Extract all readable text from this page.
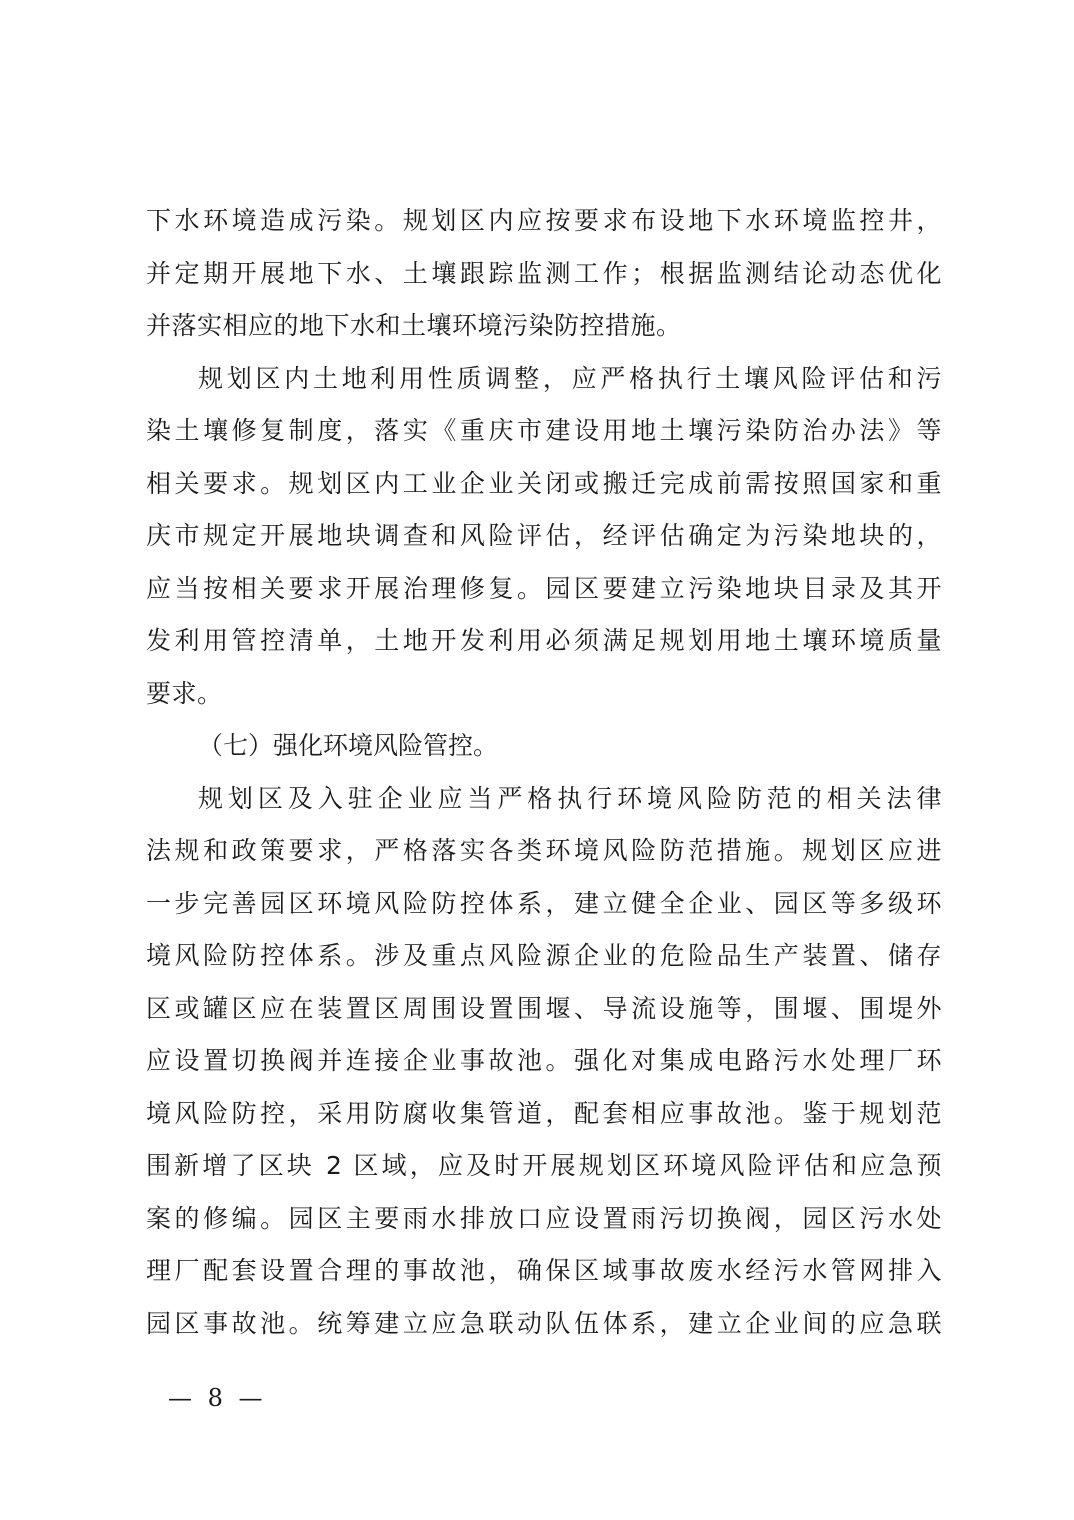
下水环境造成污染。规划区内应按要求布设地下水环境监控井，
并定期开展地下水、土壤跟踪监测工作；根据监测结论动态优化
并落实相应的地下水和土壤环境污染防控措施。
规划区内土地利用性质调整，应严格执行土壤风险评估和污
染土壤修复制度，落实《重庆市建设用地土壤污染防治办法》等
相关要求。规划区内工业企业关闭或搬迁完成前需按照国家和重
庆市规定开展地块调查和风险评估，经评估确定为污染地块的，
应当按相关要求开展治理修复。园区要建立污染地块目录及其开
发利用管控清单，土地开发利用必须满足规划用地土壤环境质量
要求。
（七）强化环境风险管控。
规划区及入驻企业应当严格执行环境风险防范的相关法律
法规和政策要求，严格落实各类环境风险防范措施。规划区应进
一步完善园区环境风险防控体系，建立健全企业、园区等多级环
境风险防控体系。涉及重点风险源企业的危险品生产装置、储存
区或罐区应在装置区周围设置围堰、导流设施等，围堰、围堤外
应设置切换阀并连接企业事故池。强化对集成电路污水处理厂环
境风险防控，采用防腐收集管道，配套相应事故池。鉴于规划范
围新增了区块 2 区域，应及时开展规划区环境风险评估和应急预
案的修编。园区主要雨水排放口应设置雨污切换阀，园区污水处
理厂配套设置合理的事故池，确保区域事故废水经污水管网排入
园区事故池。统筹建立应急联动队伍体系，建立企业间的应急联
— 8 —
